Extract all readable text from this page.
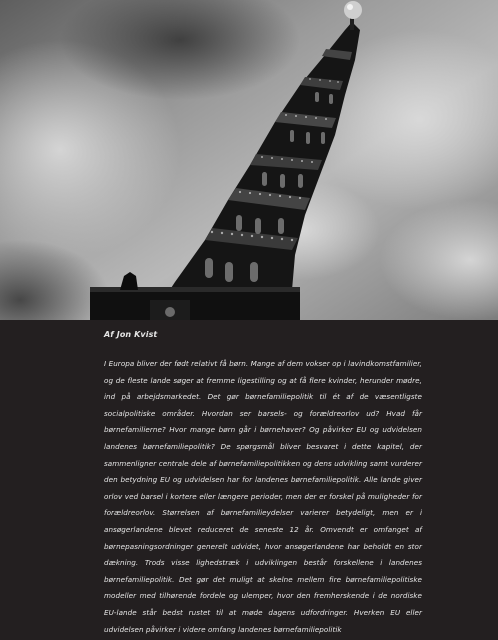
Af Jon Kvist

I Europa bliver der født relativt få børn. Mange af dem vokser op i lavindkomstfamilier, og de fleste lande søger at fremme ligestilling og at få flere kvinder, herunder mødre, ind på arbejdsmarkedet. Det gør børnefamiliepolitik til ét af de væsentligste socialpolitiske områder. Hvordan ser barsels- og forældreorlov ud? Hvad får børnefamilierne? Hvor mange børn går i børnehaver? Og påvirker EU og udvidelsen landenes børnefamiliepolitik? De spørgsmål bliver besvaret i dette kapitel, der sammenligner centrale dele af børnefamiliepolitikken og dens udvikling samt vurderer den betydning EU og udvidelsen har for landenes børnefamiliepolitik. Alle lande giver orlov ved barsel i kortere eller længere perioder, men der er forskel på muligheder for forældreorlov. Størrelsen af børnefamilieydelser varierer betydeligt, men er i ansøgerlandene blevet reduceret de seneste 12 år. Omvendt er omfanget af børnepasningsordninger generelt udvidet, hvor ansøgerlandene har beholdt en stor dækning. Trods visse lighedstræk i udviklingen består forskellene i landenes børnefamiliepolitik. Det gør det muligt at skelne mellem fire børnefamiliepolitiske modeller med tilhørende fordele og ulemper, hvor den fremherskende i de nordiske EU-lande står bedst rustet til at møde dagens udfordringer. Hverken EU eller udvidelsen påvirker i videre omfang landenes børnefamiliepolitik
